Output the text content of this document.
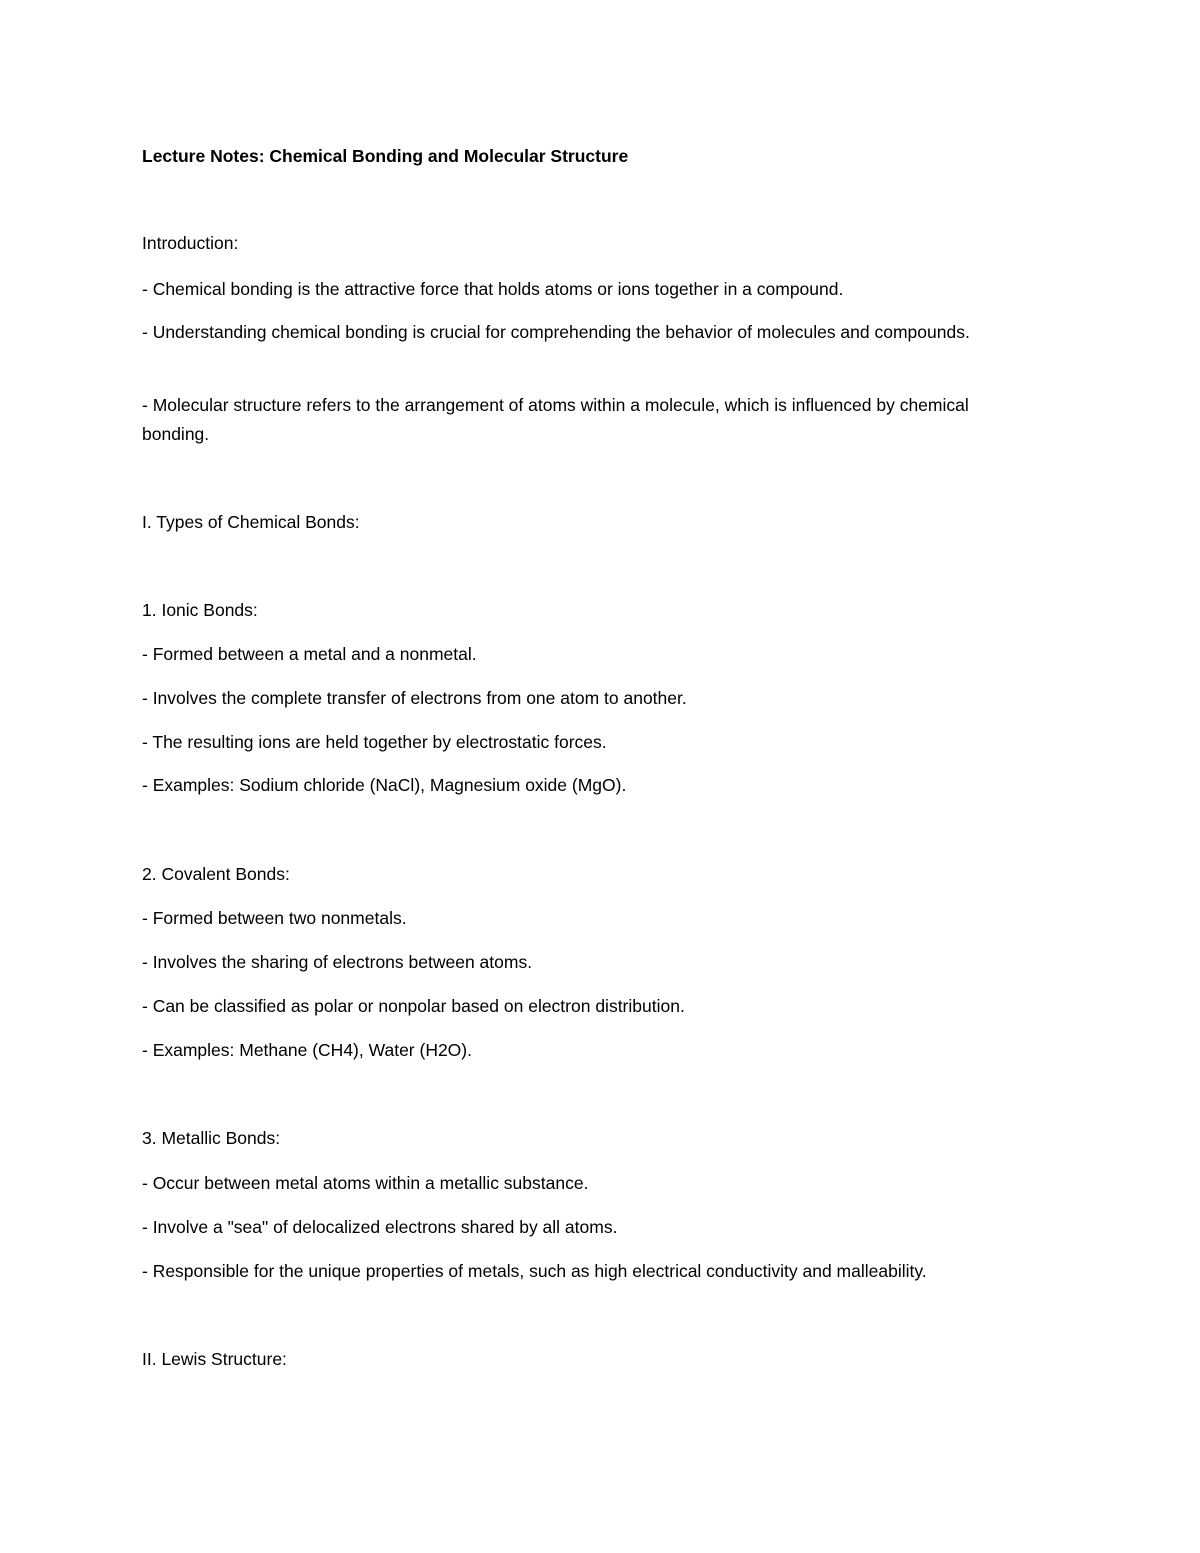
Lecture Notes: Chemical Bonding and Molecular Structure
Introduction:
- Chemical bonding is the attractive force that holds atoms or ions together in a compound.
- Understanding chemical bonding is crucial for comprehending the behavior of molecules and compounds.
- Molecular structure refers to the arrangement of atoms within a molecule, which is influenced by chemical bonding.
I. Types of Chemical Bonds:
1. Ionic Bonds:
- Formed between a metal and a nonmetal.
- Involves the complete transfer of electrons from one atom to another.
- The resulting ions are held together by electrostatic forces.
- Examples: Sodium chloride (NaCl), Magnesium oxide (MgO).
2. Covalent Bonds:
- Formed between two nonmetals.
- Involves the sharing of electrons between atoms.
- Can be classified as polar or nonpolar based on electron distribution.
- Examples: Methane (CH4), Water (H2O).
3. Metallic Bonds:
- Occur between metal atoms within a metallic substance.
- Involve a "sea" of delocalized electrons shared by all atoms.
- Responsible for the unique properties of metals, such as high electrical conductivity and malleability.
II. Lewis Structure:
